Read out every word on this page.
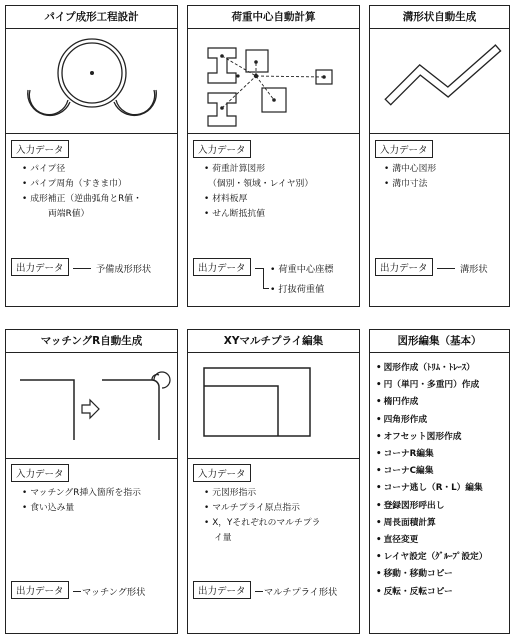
パイプ成形工程設計
入力データ
• パイプ径
• パイプ周角（すきま巾）
• 成形補正（逆曲弧角とR値・
両端R値）
出力データ	予備成形形状
荷重中心自動計算
入力データ
• 荷重計算図形
（個別・領域・レイヤ別）
• 材料板厚
• せん断抵抗値
出力データ	• 荷重中心座標
• 打抜荷重値
溝形状自動生成
入力データ
• 溝中心図形
• 溝巾寸法
出力データ	溝形状
マッチングR自動生成
入力データ
• マッチングR挿入箇所を指示
• 食い込み量
出力データ	マッチング形状
XYマルチプライ編集
入力データ
• 元図形指示
• マルチプライ原点指示
• X，Yそれぞれのマルチプラ
イ量
出力データ	マルチプライ形状
図形編集（基本）
• 図形作成（ﾄﾘﾑ・ﾄﾚｰｽ）
• 円（単円・多重円）作成
• 楕円作成
• 四角形作成
• オフセット図形作成
• コーナR編集
• コーナC編集
• コーナ逃し（R・L）編集
• 登録図形呼出し
• 周長面積計算
• 直径変更
• レイヤ設定（ｸﾞﾙｰﾌﾟ設定）
• 移動・移動コピー
• 反転・反転コピー
